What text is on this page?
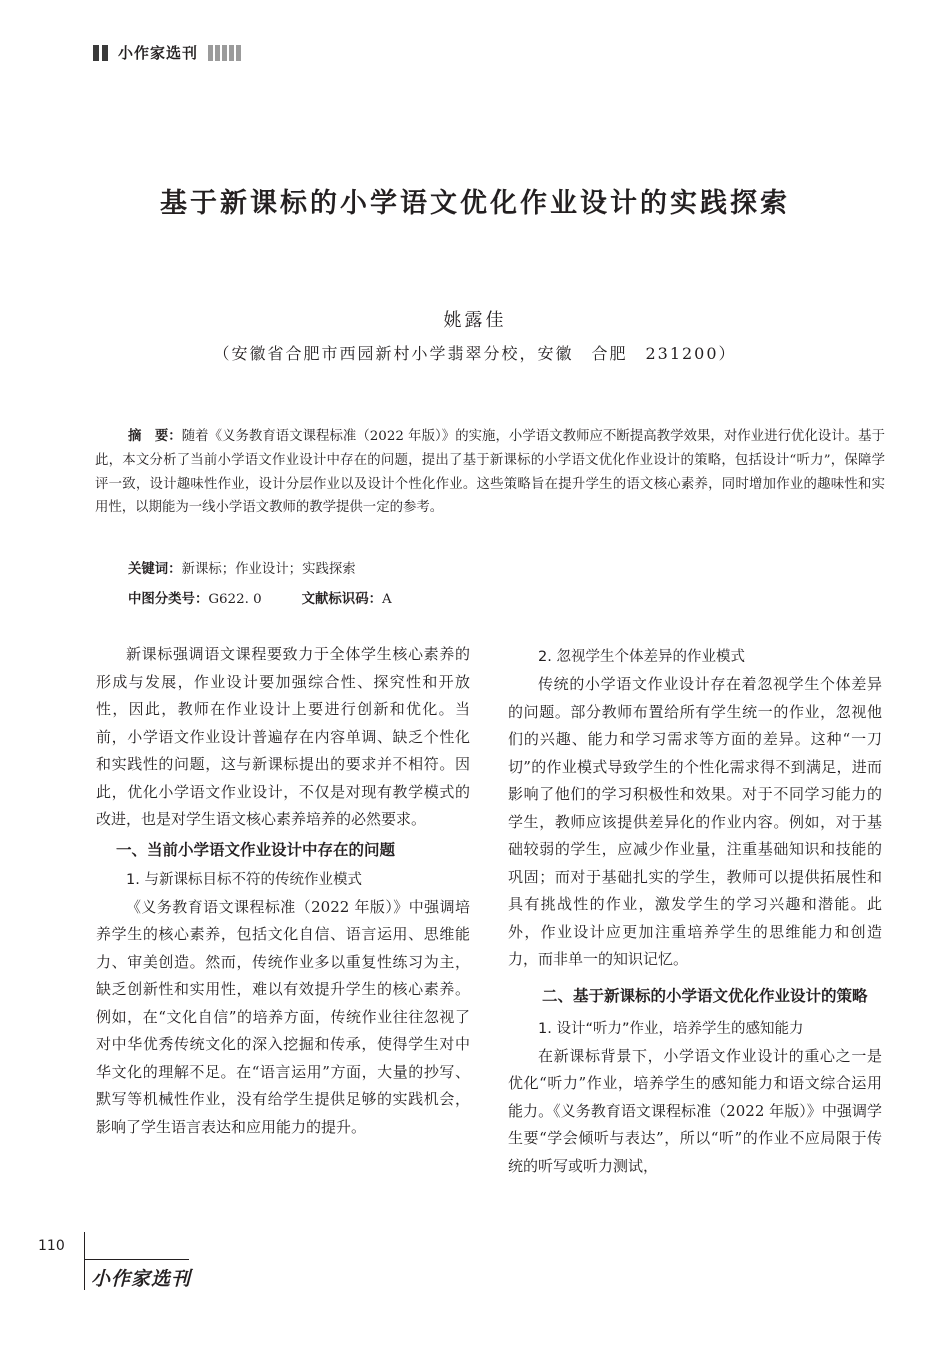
小作家选刊
基于新课标的小学语文优化作业设计的实践探索
姚露佳
（安徽省合肥市西园新村小学翡翠分校，安徽　合肥　231200）

摘　要：随着《义务教育语文课程标准（2022 年版）》的实施，小学语文教师应不断提高教学效果，对作业进行优化设计。基于此，本文分析了当前小学语文作业设计中存在的问题，提出了基于新课标的小学语文优化作业设计的策略，包括设计“听力”，保障学评一致，设计趣味性作业，设计分层作业以及设计个性化作业。这些策略旨在提升学生的语文核心素养，同时增加作业的趣味性和实用性，以期能为一线小学语文教师的教学提供一定的参考。

关键词：新课标；作业设计；实践探索
中图分类号：G622. 0	文献标识码：A

新课标强调语文课程要致力于全体学生核心素养的形成与发展，作业设计要加强综合性、探究性和开放性，因此，教师在作业设计上要进行创新和优化。当前，小学语文作业设计普遍存在内容单调、缺乏个性化和实践性的问题，这与新课标提出的要求并不相符。因此，优化小学语文作业设计，不仅是对现有教学模式的改进，也是对学生语文核心素养培养的必然要求。

一、当前小学语文作业设计中存在的问题
1. 与新课标目标不符的传统作业模式

《义务教育语文课程标准（2022 年版）》中强调培养学生的核心素养，包括文化自信、语言运用、思维能力、审美创造。然而，传统作业多以重复性练习为主，缺乏创新性和实用性，难以有效提升学生的核心素养。例如，在“文化自信”的培养方面，传统作业往往忽视了对中华优秀传统文化的深入挖掘和传承，使得学生对中华文化的理解不足。在“语言运用”方面，大量的抄写、默写等机械性作业，没有给学生提供足够的实践机会，影响了学生语言表达和应用能力的提升。

2. 忽视学生个体差异的作业模式

传统的小学语文作业设计存在着忽视学生个体差异的问题。部分教师布置给所有学生统一的作业，忽视他们的兴趣、能力和学习需求等方面的差异。这种“一刀切”的作业模式导致学生的个性化需求得不到满足，进而影响了他们的学习积极性和效果。对于不同学习能力的学生，教师应该提供差异化的作业内容。例如，对于基础较弱的学生，应减少作业量，注重基础知识和技能的巩固；而对于基础扎实的学生，教师可以提供拓展性和具有挑战性的作业，激发学生的学习兴趣和潜能。此外，作业设计应更加注重培养学生的思维能力和创造力，而非单一的知识记忆。

二、基于新课标的小学语文优化作业设计的策略
1. 设计“听力”作业，培养学生的感知能力

在新课标背景下，小学语文作业设计的重心之一是优化“听力”作业，培养学生的感知能力和语文综合运用能力。《义务教育语文课程标准（2022 年版）》中强调学生要“学会倾听与表达”，所以“听”的作业不应局限于传统的听写或听力测试，

110
小作家选刊
